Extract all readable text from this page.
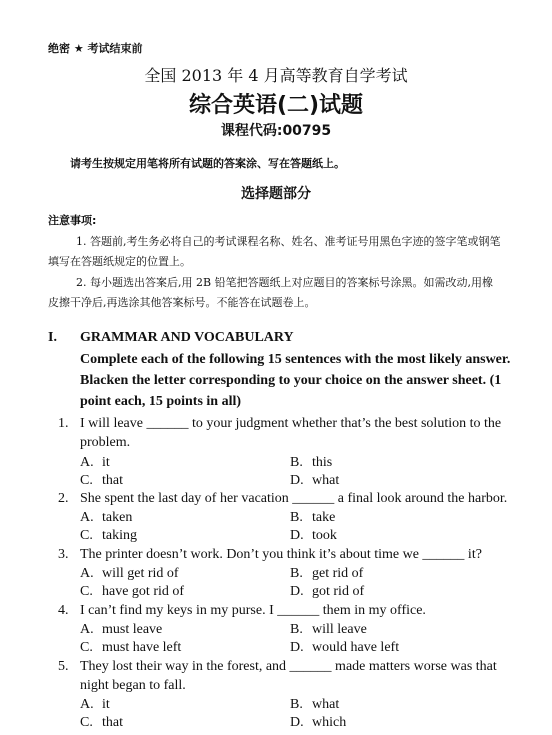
绝密 ★ 考试结束前
全国 2013 年 4 月高等教育自学考试
综合英语(二)试题
课程代码:00795
请考生按规定用笔将所有试题的答案涂、写在答题纸上。
选择题部分
注意事项:
1. 答题前,考生务必将自己的考试课程名称、姓名、准考证号用黑色字迹的签字笔或钢笔
填写在答题纸规定的位置上。
2. 每小题选出答案后,用 2B 铅笔把答题纸上对应题目的答案标号涂黑。如需改动,用橡
皮擦干净后,再选涂其他答案标号。不能答在试题卷上。
I. GRAMMAR AND VOCABULARY
Complete each of the following 15 sentences with the most likely answer.
Blacken the letter corresponding to your choice on the answer sheet. (1
point each, 15 points in all)
1. I will leave ______ to your judgment whether that’s the best solution to the
problem.
A. it	B. this
C. that	D. what
2. She spent the last day of her vacation ______ a final look around the harbor.
A. taken	B. take
C. taking	D. took
3. The printer doesn’t work. Don’t you think it’s about time we ______ it?
A. will get rid of	B. get rid of
C. have got rid of	D. got rid of
4. I can’t find my keys in my purse. I ______ them in my office.
A. must leave	B. will leave
C. must have left	D. would have left
5. They lost their way in the forest, and ______ made matters worse was that
night began to fall.
A. it	B. what
C. that	D. which
